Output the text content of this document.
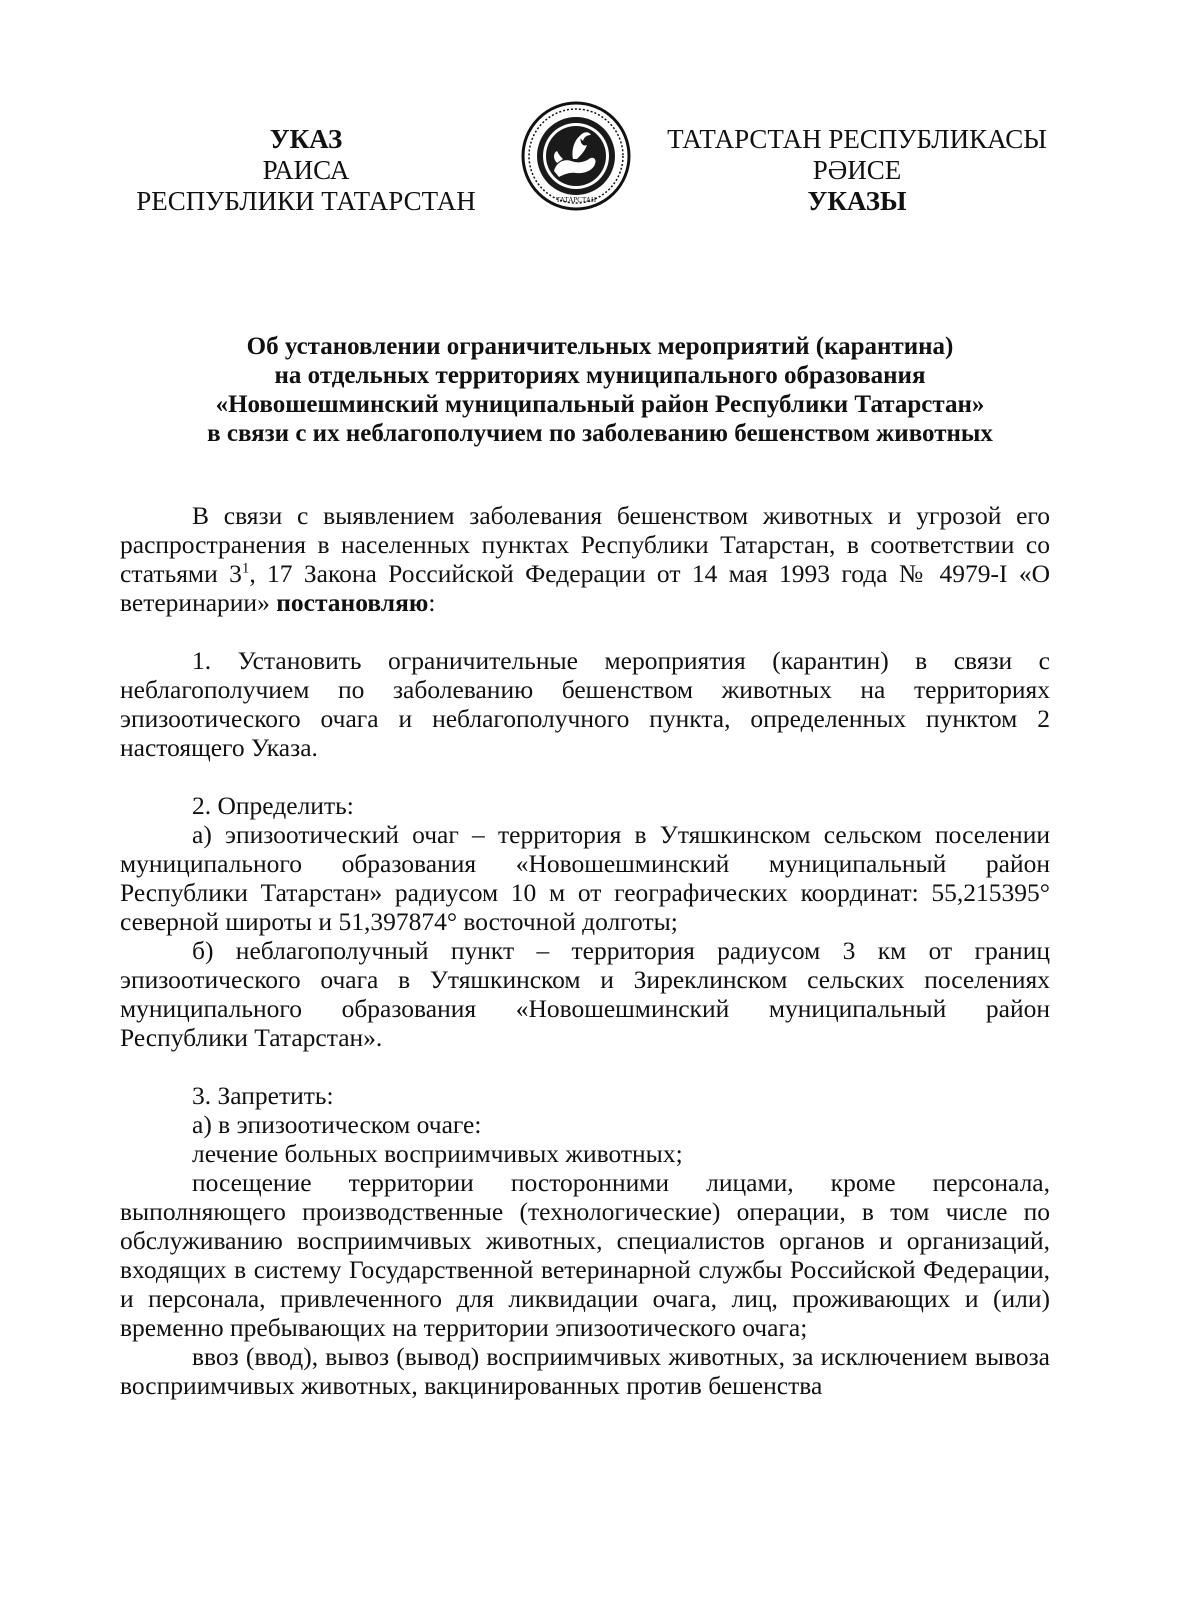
УКАЗ
РАИСА
РЕСПУБЛИКИ ТАТАРСТАН	ТАТАРСТАН
ТАТАРСТАН РЕСПУБЛИКАСЫ
РӘИСЕ
УКАЗЫ
Об установлении ограничительных мероприятий (карантина)
на отдельных территориях муниципального образования
«Новошешминский муниципальный район Республики Татарстан»
в связи с их неблагополучием по заболеванию бешенством животных

В связи с выявлением заболевания бешенством животных и угрозой его распространения в населенных пунктах Республики Татарстан, в соответствии со статьями $3^1$, 17 Закона Российской Федерации от 14 мая 1993 года № 4979-I «О ветеринарии» постановляю:

1. Установить ограничительные мероприятия (карантин) в связи с неблагополучием по заболеванию бешенством животных на территориях эпизоотического очага и неблагополучного пункта, определенных пунктом 2 настоящего Указа.

2. Определить:

а) эпизоотический очаг – территория в Утяшкинском сельском поселении муниципального образования «Новошешминский муниципальный район Республики Татарстан» радиусом 10 м от географических координат: 55,215395° северной широты и 51,397874° восточной долготы;

б) неблагополучный пункт – территория радиусом 3 км от границ эпизоотического очага в Утяшкинском и Зиреклинском сельских поселениях муниципального образования «Новошешминский муниципальный район Республики Татарстан».

3. Запретить:

а) в эпизоотическом очаге:

лечение больных восприимчивых животных;

посещение территории посторонними лицами, кроме персонала, выполняющего производственные (технологические) операции, в том числе по обслуживанию восприимчивых животных, специалистов органов и организаций, входящих в систему Государственной ветеринарной службы Российской Федерации, и персонала, привлеченного для ликвидации очага, лиц, проживающих и (или) временно пребывающих на территории эпизоотического очага;

ввоз (ввод), вывоз (вывод) восприимчивых животных, за исключением вывоза восприимчивых животных, вакцинированных против бешенства
